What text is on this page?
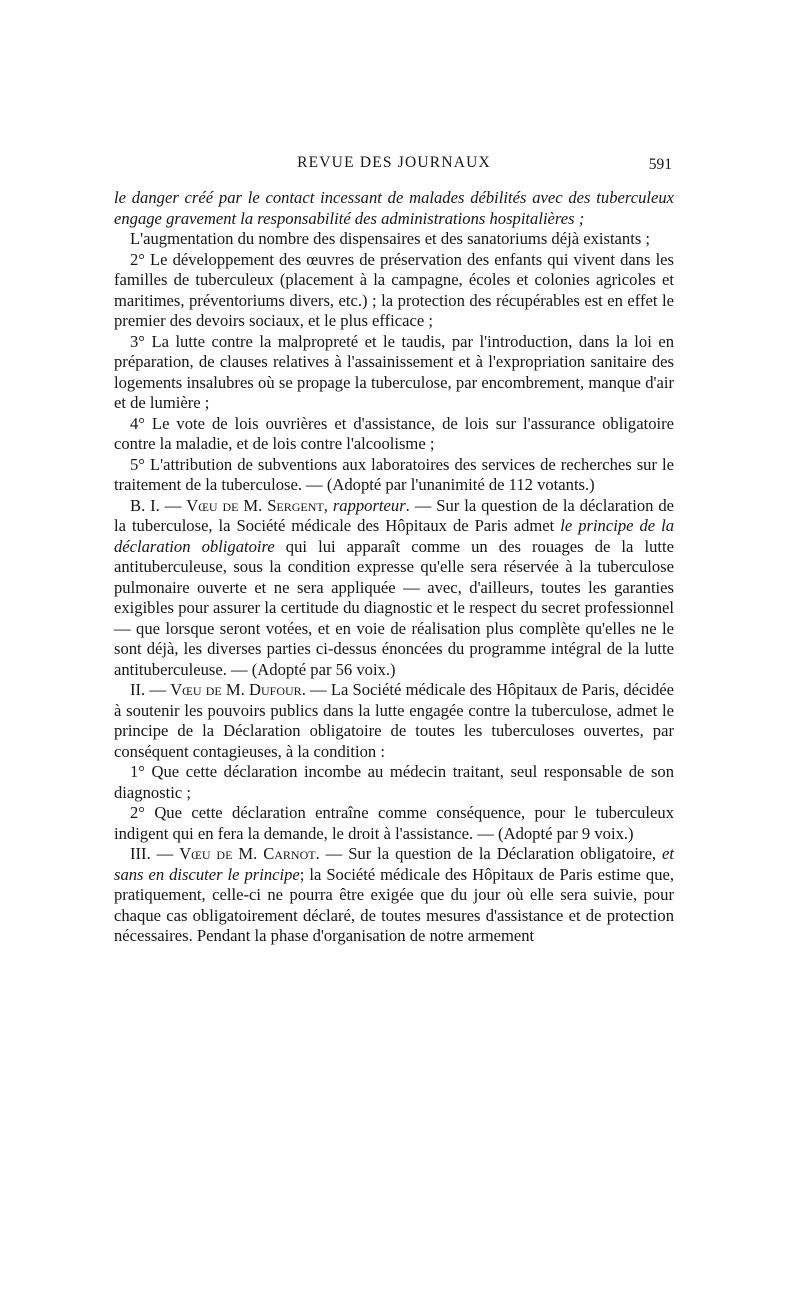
REVUE DES JOURNAUX	591

le danger créé par le contact incessant de malades débilités avec des tuberculeux engage gravement la responsabilité des administrations hospitalières ;

L'augmentation du nombre des dispensaires et des sanatoriums déjà existants ;

2° Le développement des œuvres de préservation des enfants qui vivent dans les familles de tuberculeux (placement à la campagne, écoles et colonies agricoles et maritimes, préventoriums divers, etc.) ; la protection des récupérables est en effet le premier des devoirs sociaux, et le plus efficace ;

3° La lutte contre la malpropreté et le taudis, par l'introduction, dans la loi en préparation, de clauses relatives à l'assainissement et à l'expropriation sanitaire des logements insalubres où se propage la tuberculose, par encombrement, manque d'air et de lumière ;

4° Le vote de lois ouvrières et d'assistance, de lois sur l'assurance obligatoire contre la maladie, et de lois contre l'alcoolisme ;

5° L'attribution de subventions aux laboratoires des services de recherches sur le traitement de la tuberculose. — (Adopté par l'unanimité de 112 votants.)

B. I. — Vœu de M. Sergent, rapporteur. — Sur la question de la déclaration de la tuberculose, la Société médicale des Hôpitaux de Paris admet le principe de la déclaration obligatoire qui lui apparaît comme un des rouages de la lutte antituberculeuse, sous la condition expresse qu'elle sera réservée à la tuberculose pulmonaire ouverte et ne sera appliquée — avec, d'ailleurs, toutes les garanties exigibles pour assurer la certitude du diagnostic et le respect du secret professionnel — que lorsque seront votées, et en voie de réalisation plus complète qu'elles ne le sont déjà, les diverses parties ci-dessus énoncées du programme intégral de la lutte antituberculeuse. — (Adopté par 56 voix.)

II. — Vœu de M. Dufour. — La Société médicale des Hôpitaux de Paris, décidée à soutenir les pouvoirs publics dans la lutte engagée contre la tuberculose, admet le principe de la Déclaration obligatoire de toutes les tuberculoses ouvertes, par conséquent contagieuses, à la condition :

1° Que cette déclaration incombe au médecin traitant, seul responsable de son diagnostic ;

2° Que cette déclaration entraîne comme conséquence, pour le tuberculeux indigent qui en fera la demande, le droit à l'assistance. — (Adopté par 9 voix.)

III. — Vœu de M. Carnot. — Sur la question de la Déclaration obligatoire, et sans en discuter le principe; la Société médicale des Hôpitaux de Paris estime que, pratiquement, celle-ci ne pourra être exigée que du jour où elle sera suivie, pour chaque cas obligatoirement déclaré, de toutes mesures d'assistance et de protection nécessaires. Pendant la phase d'organisation de notre armement
